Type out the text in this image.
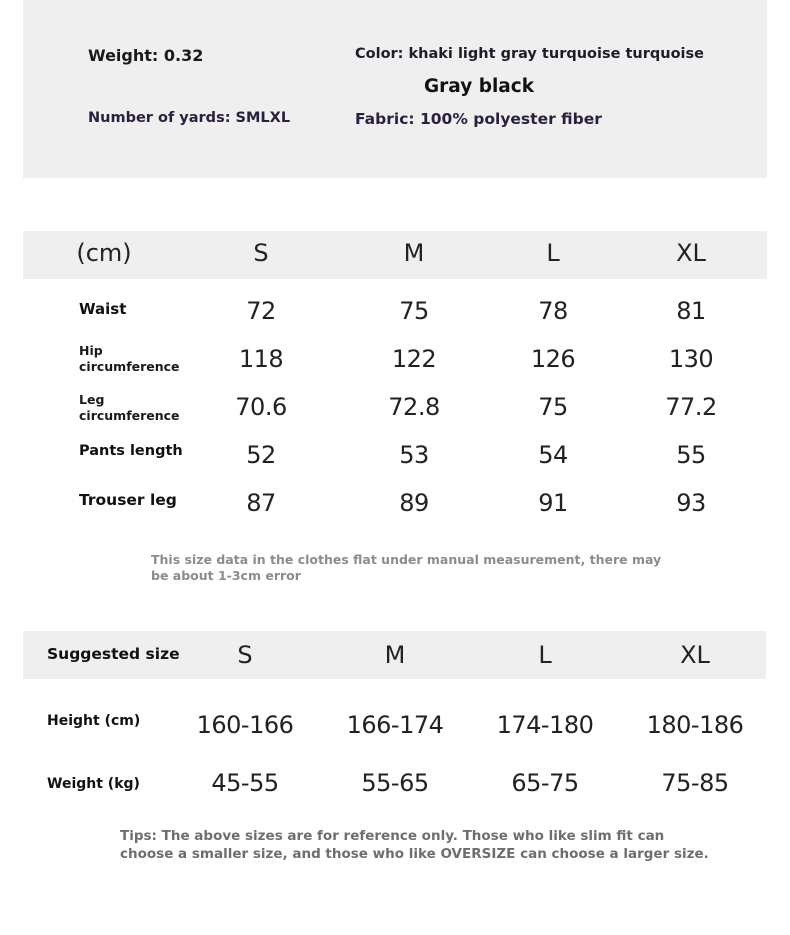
Weight: 0.32	Color: khaki light gray turquoise turquoise
Gray black
Number of yards: SMLXL	Fabric: 100% polyester fiber
(cm)	S	M	L	XL
Waist	72	75	78	81
Hip circumference	118	122	126	130
Leg circumference	70.6	72.8	75	77.2
Pants length	52	53	54	55
Trouser leg	87	89	91	93
This size data in the clothes flat under manual measurement, there may be about 1-3cm error
Suggested size S	M	L	XL
Height (cm) 160-166 166-174 174-180 180-186
Weight (kg)	45-55	55-65	65-75	75-85
Tips: The above sizes are for reference only. Those who like slim fit can choose a smaller size, and those who like OVERSIZE can choose a larger size.
